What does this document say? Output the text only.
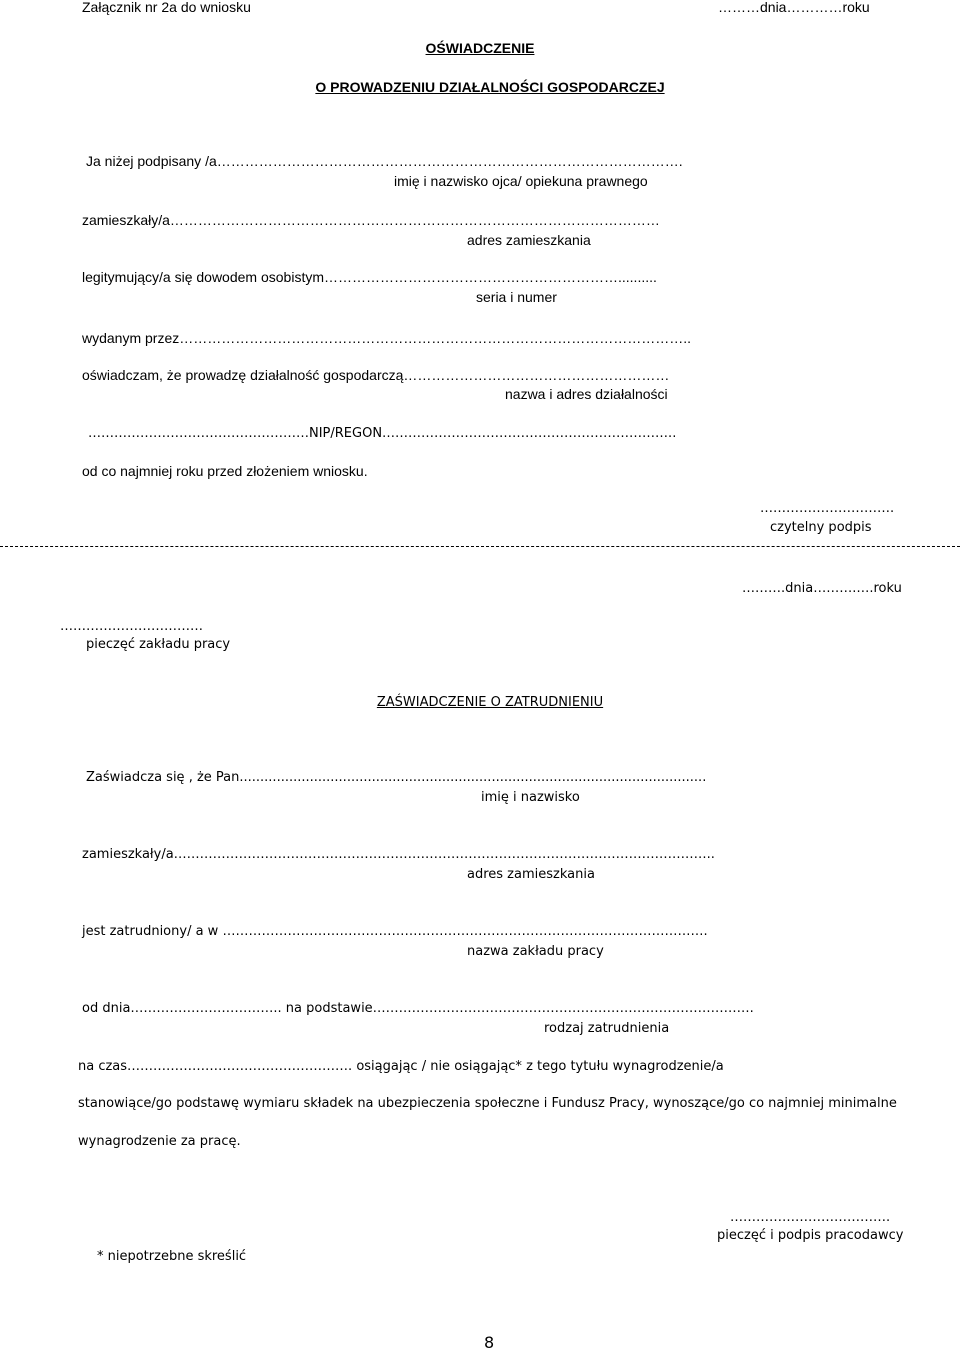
Załącznik nr 2a do wniosku	………dnia…………roku
OŚWIADCZENIE
O PROWADZENIU DZIAŁALNOŚCI GOSPODARCZEJ
Ja niżej podpisany /a……………………………………………………………………………………….
imię i nazwisko ojca/ opiekuna prawnego
zamieszkały/a……………………………………………………………………………………………
adres zamieszkania
legitymujący/a się dowodem osobistym………………………………………………………..........
seria i numer
wydanym przez………………………………………………………………………………………………..
oświadczam, że prowadzę działalność gospodarczą…………………………………………………
nazwa i adres działalności
……………………………………………NIP/REGON…………………………………………………………..
od co najmniej roku przed złożeniem wniosku.
………………………….
czytelny podpis
……….dnia……….….roku
……………………………
pieczęć zakładu pracy
ZAŚWIADCZENIE O ZATRUDNIENIU
Zaświadcza się , że Pan.................................................................................................................
imię i nazwisko
zamieszkały/a……………………………………………………………………………………………………………..
adres zamieszkania
jest zatrudniony/ a w ………………………………………………………………………………………………….
nazwa zakładu pracy
od dnia…………………………….. na podstawie…………………………………………………………………………….
rodzaj zatrudnienia
na czas……………………………………………. osiągając / nie osiągając* z tego tytułu wynagrodzenie/a
stanowiące/go podstawę wymiaru składek na ubezpieczenia społeczne i Fundusz Pracy, wynoszące/go co najmniej minimalne
wynagrodzenie za pracę.
……………………………….
pieczęć i podpis pracodawcy
* niepotrzebne skreślić
8
